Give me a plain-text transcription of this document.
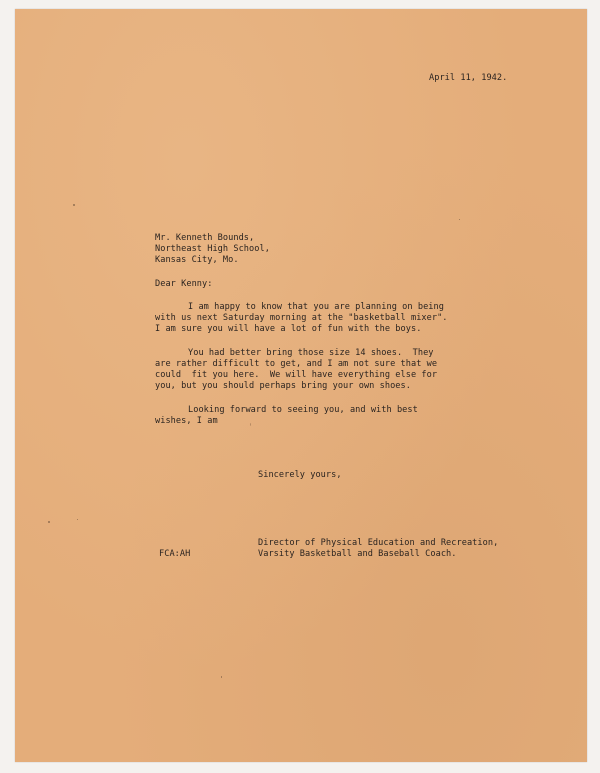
April 11, 1942.
Mr. Kenneth Bounds,
Northeast High School,
Kansas City, Mo.
Dear Kenny:
I am happy to know that you are planning on being
with us next Saturday morning at the "basketball mixer".
I am sure you will have a lot of fun with the boys.
You had better bring those size 14 shoes.  They
are rather difficult to get, and I am not sure that we
could  fit you here.  We will have everything else for
you, but you should perhaps bring your own shoes.
Looking forward to seeing you, and with best
wishes, I am
Sincerely yours,
Director of Physical Education and Recreation,
Varsity Basketball and Baseball Coach.
FCA:AH
